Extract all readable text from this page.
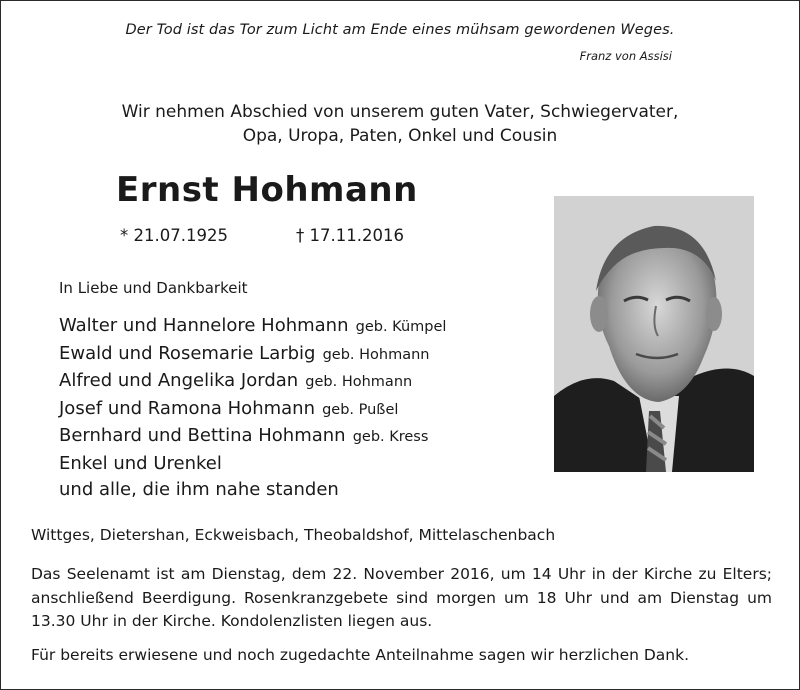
Der Tod ist das Tor zum Licht am Ende eines mühsam gewordenen Weges.
Franz von Assisi
Wir nehmen Abschied von unserem guten Vater, Schwiegervater,
Opa, Uropa, Paten, Onkel und Cousin
Ernst Hohmann
* 21.07.1925	† 17.11.2016
In Liebe und Dankbarkeit
Walter und Hannelore Hohmann geb. Kümpel
Ewald und Rosemarie Larbig geb. Hohmann
Alfred und Angelika Jordan geb. Hohmann
Josef und Ramona Hohmann geb. Pußel
Bernhard und Bettina Hohmann geb. Kress
Enkel und Urenkel
und alle, die ihm nahe standen
Wittges, Dietershan, Eckweisbach, Theobaldshof, Mittelaschenbach
Das Seelenamt ist am Dienstag, dem 22. November 2016, um 14 Uhr in der Kirche zu Elters; anschließend Beerdigung. Rosenkranzgebete sind morgen um 18 Uhr und am Dienstag um 13.30 Uhr in der Kirche. Kondolenzlisten liegen aus.
Für bereits erwiesene und noch zugedachte Anteilnahme sagen wir herzlichen Dank.
